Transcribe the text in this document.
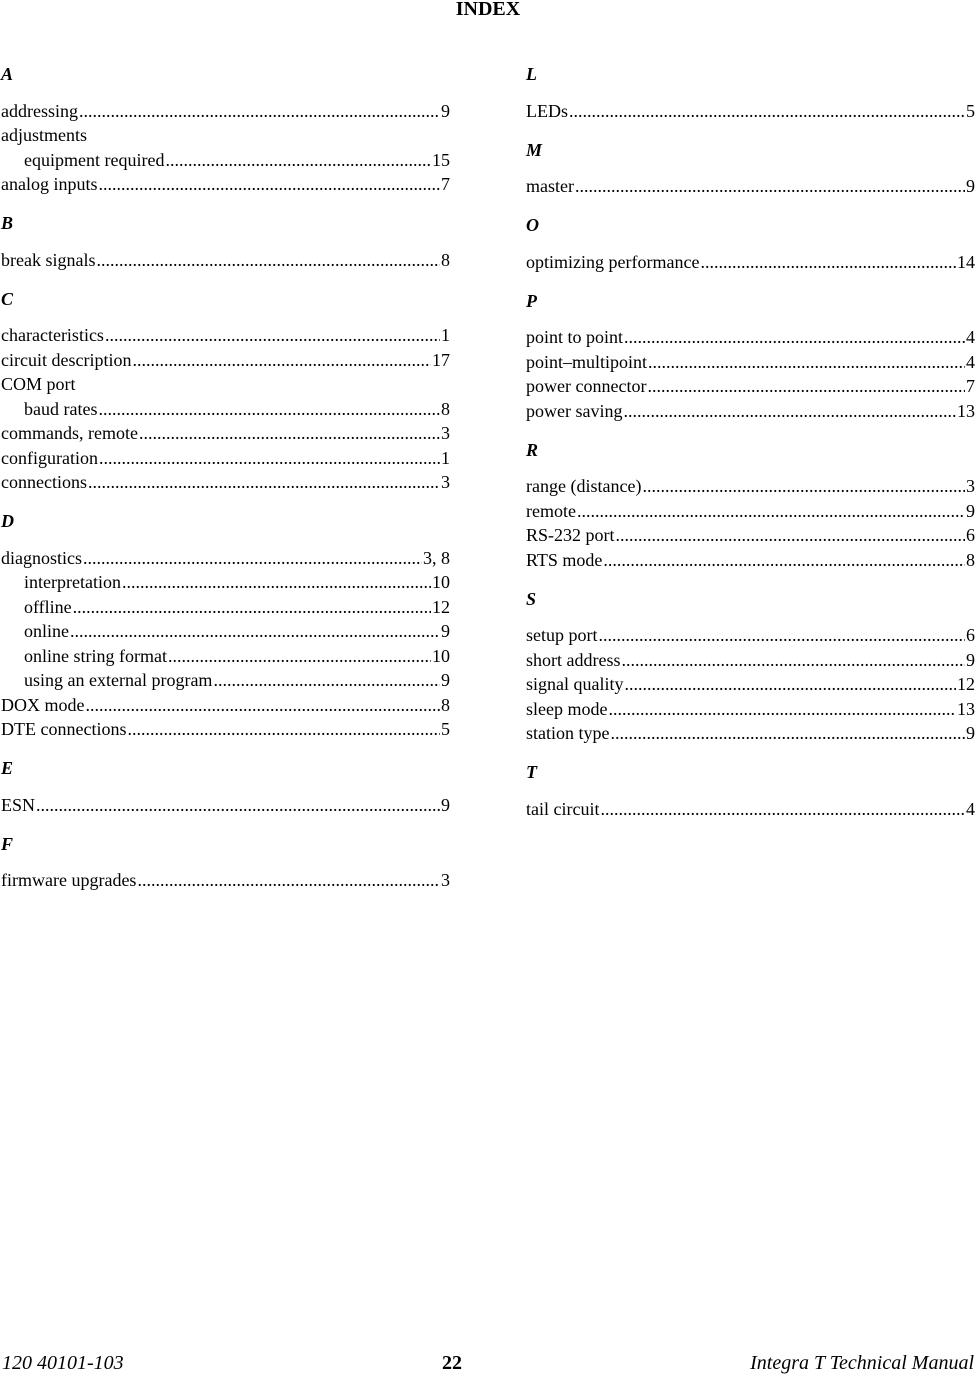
INDEX
A
addressing .....	9
adjustments
equipment required .....	15
analog inputs .....	7
B
break signals .....	8
C
characteristics .....	1
circuit description .....	17
COM port
baud rates .....	8
commands, remote .....	3
configuration .....	1
connections .....	3
D
diagnostics .....	3, 8
interpretation .....	10
offline .....	12
online .....	9
online string format .....	10
using an external program .....	9
DOX mode .....	8
DTE connections .....	5
E
ESN .....	9
F
firmware upgrades .....	3
L
LEDs .....	5
M
master .....	9
O
optimizing performance .....	14
P
point to point .....	4
point–multipoint .....	4
power connector .....	7
power saving .....	13
R
range (distance) .....	3
remote .....	9
RS-232 port .....	6
RTS mode .....	8
S
setup port .....	6
short address .....	9
signal quality .....	12
sleep mode .....	13
station type .....	9
T
tail circuit .....	4
120 40101-103	22	Integra T Technical Manual
